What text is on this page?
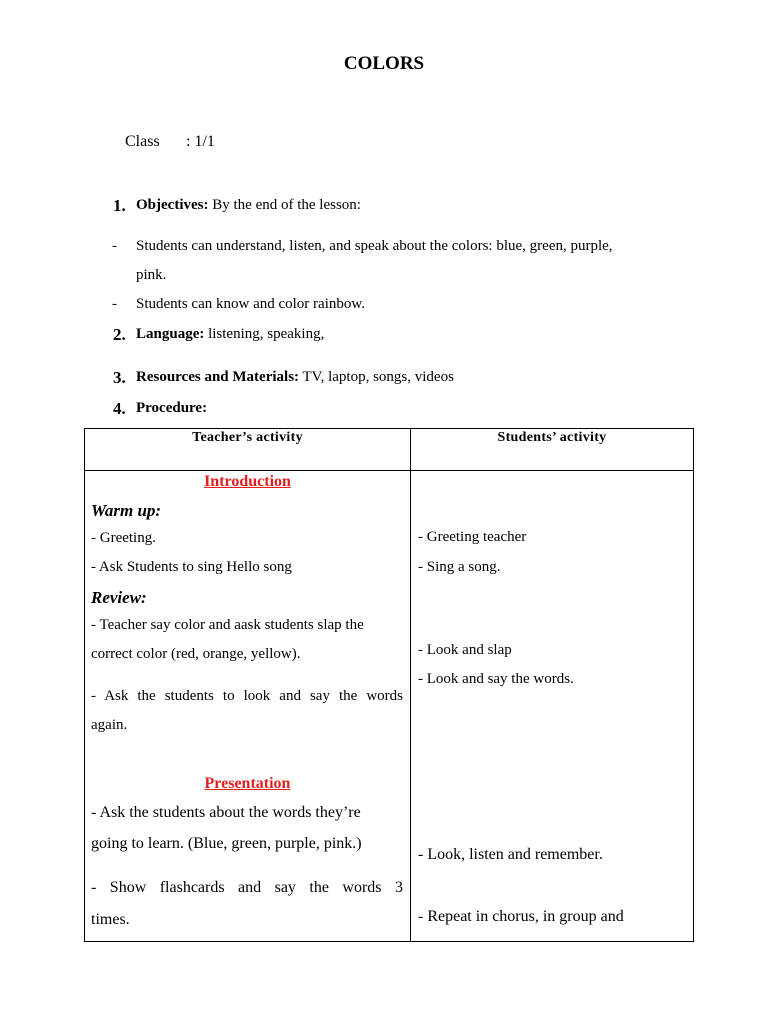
COLORS
Class : 1/1
1. Objectives: By the end of the lesson:
- Students can understand, listen, and speak about the colors: blue, green, purple,
pink.
- Students can know and color rainbow.
2. Language: listening, speaking,
3. Resources and Materials: TV, laptop, songs, videos
4. Procedure:
Teacher’s activity	Students’ activity
Introduction
Warm up:
- Greeting.
- Ask Students to sing Hello song
Review:
- Teacher say color and aask students slap the
correct color (red, orange, yellow).
- Ask the students to look and say the words
again.
Presentation
- Ask the students about the words they’re
going to learn. (Blue, green, purple, pink.)
- Show flashcards and say the words 3
times.
- Greeting teacher
- Sing a song.
- Look and slap
- Look and say the words.
- Look, listen and remember.
- Repeat in chorus, in group and
